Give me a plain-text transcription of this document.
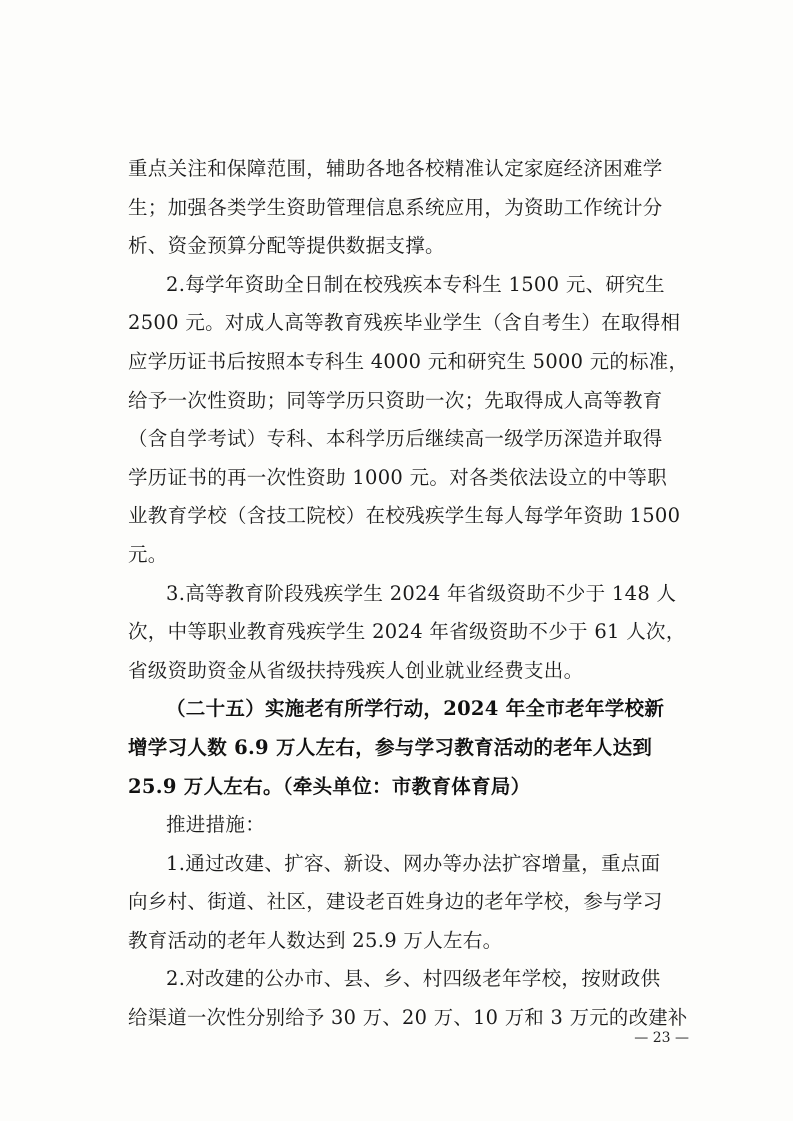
重点关注和保障范围，辅助各地各校精准认定家庭经济困难学
生；加强各类学生资助管理信息系统应用，为资助工作统计分
析、资金预算分配等提供数据支撑。
2.每学年资助全日制在校残疾本专科生 1500 元、研究生
2500 元。对成人高等教育残疾毕业学生（含自考生）在取得相
应学历证书后按照本专科生 4000 元和研究生 5000 元的标准，
给予一次性资助；同等学历只资助一次；先取得成人高等教育
（含自学考试）专科、本科学历后继续高一级学历深造并取得
学历证书的再一次性资助 1000 元。对各类依法设立的中等职
业教育学校（含技工院校）在校残疾学生每人每学年资助 1500
元。
3.高等教育阶段残疾学生 2024 年省级资助不少于 148 人
次，中等职业教育残疾学生 2024 年省级资助不少于 61 人次，
省级资助资金从省级扶持残疾人创业就业经费支出。
（二十五）实施老有所学行动，2024 年全市老年学校新
增学习人数 6.9 万人左右，参与学习教育活动的老年人达到
25.9 万人左右。（牵头单位：市教育体育局）
推进措施：
1.通过改建、扩容、新设、网办等办法扩容增量，重点面
向乡村、街道、社区，建设老百姓身边的老年学校，参与学习
教育活动的老年人数达到 25.9 万人左右。
2.对改建的公办市、县、乡、村四级老年学校，按财政供
给渠道一次性分别给予 30 万、20 万、10 万和 3 万元的改建补
— 23 —
